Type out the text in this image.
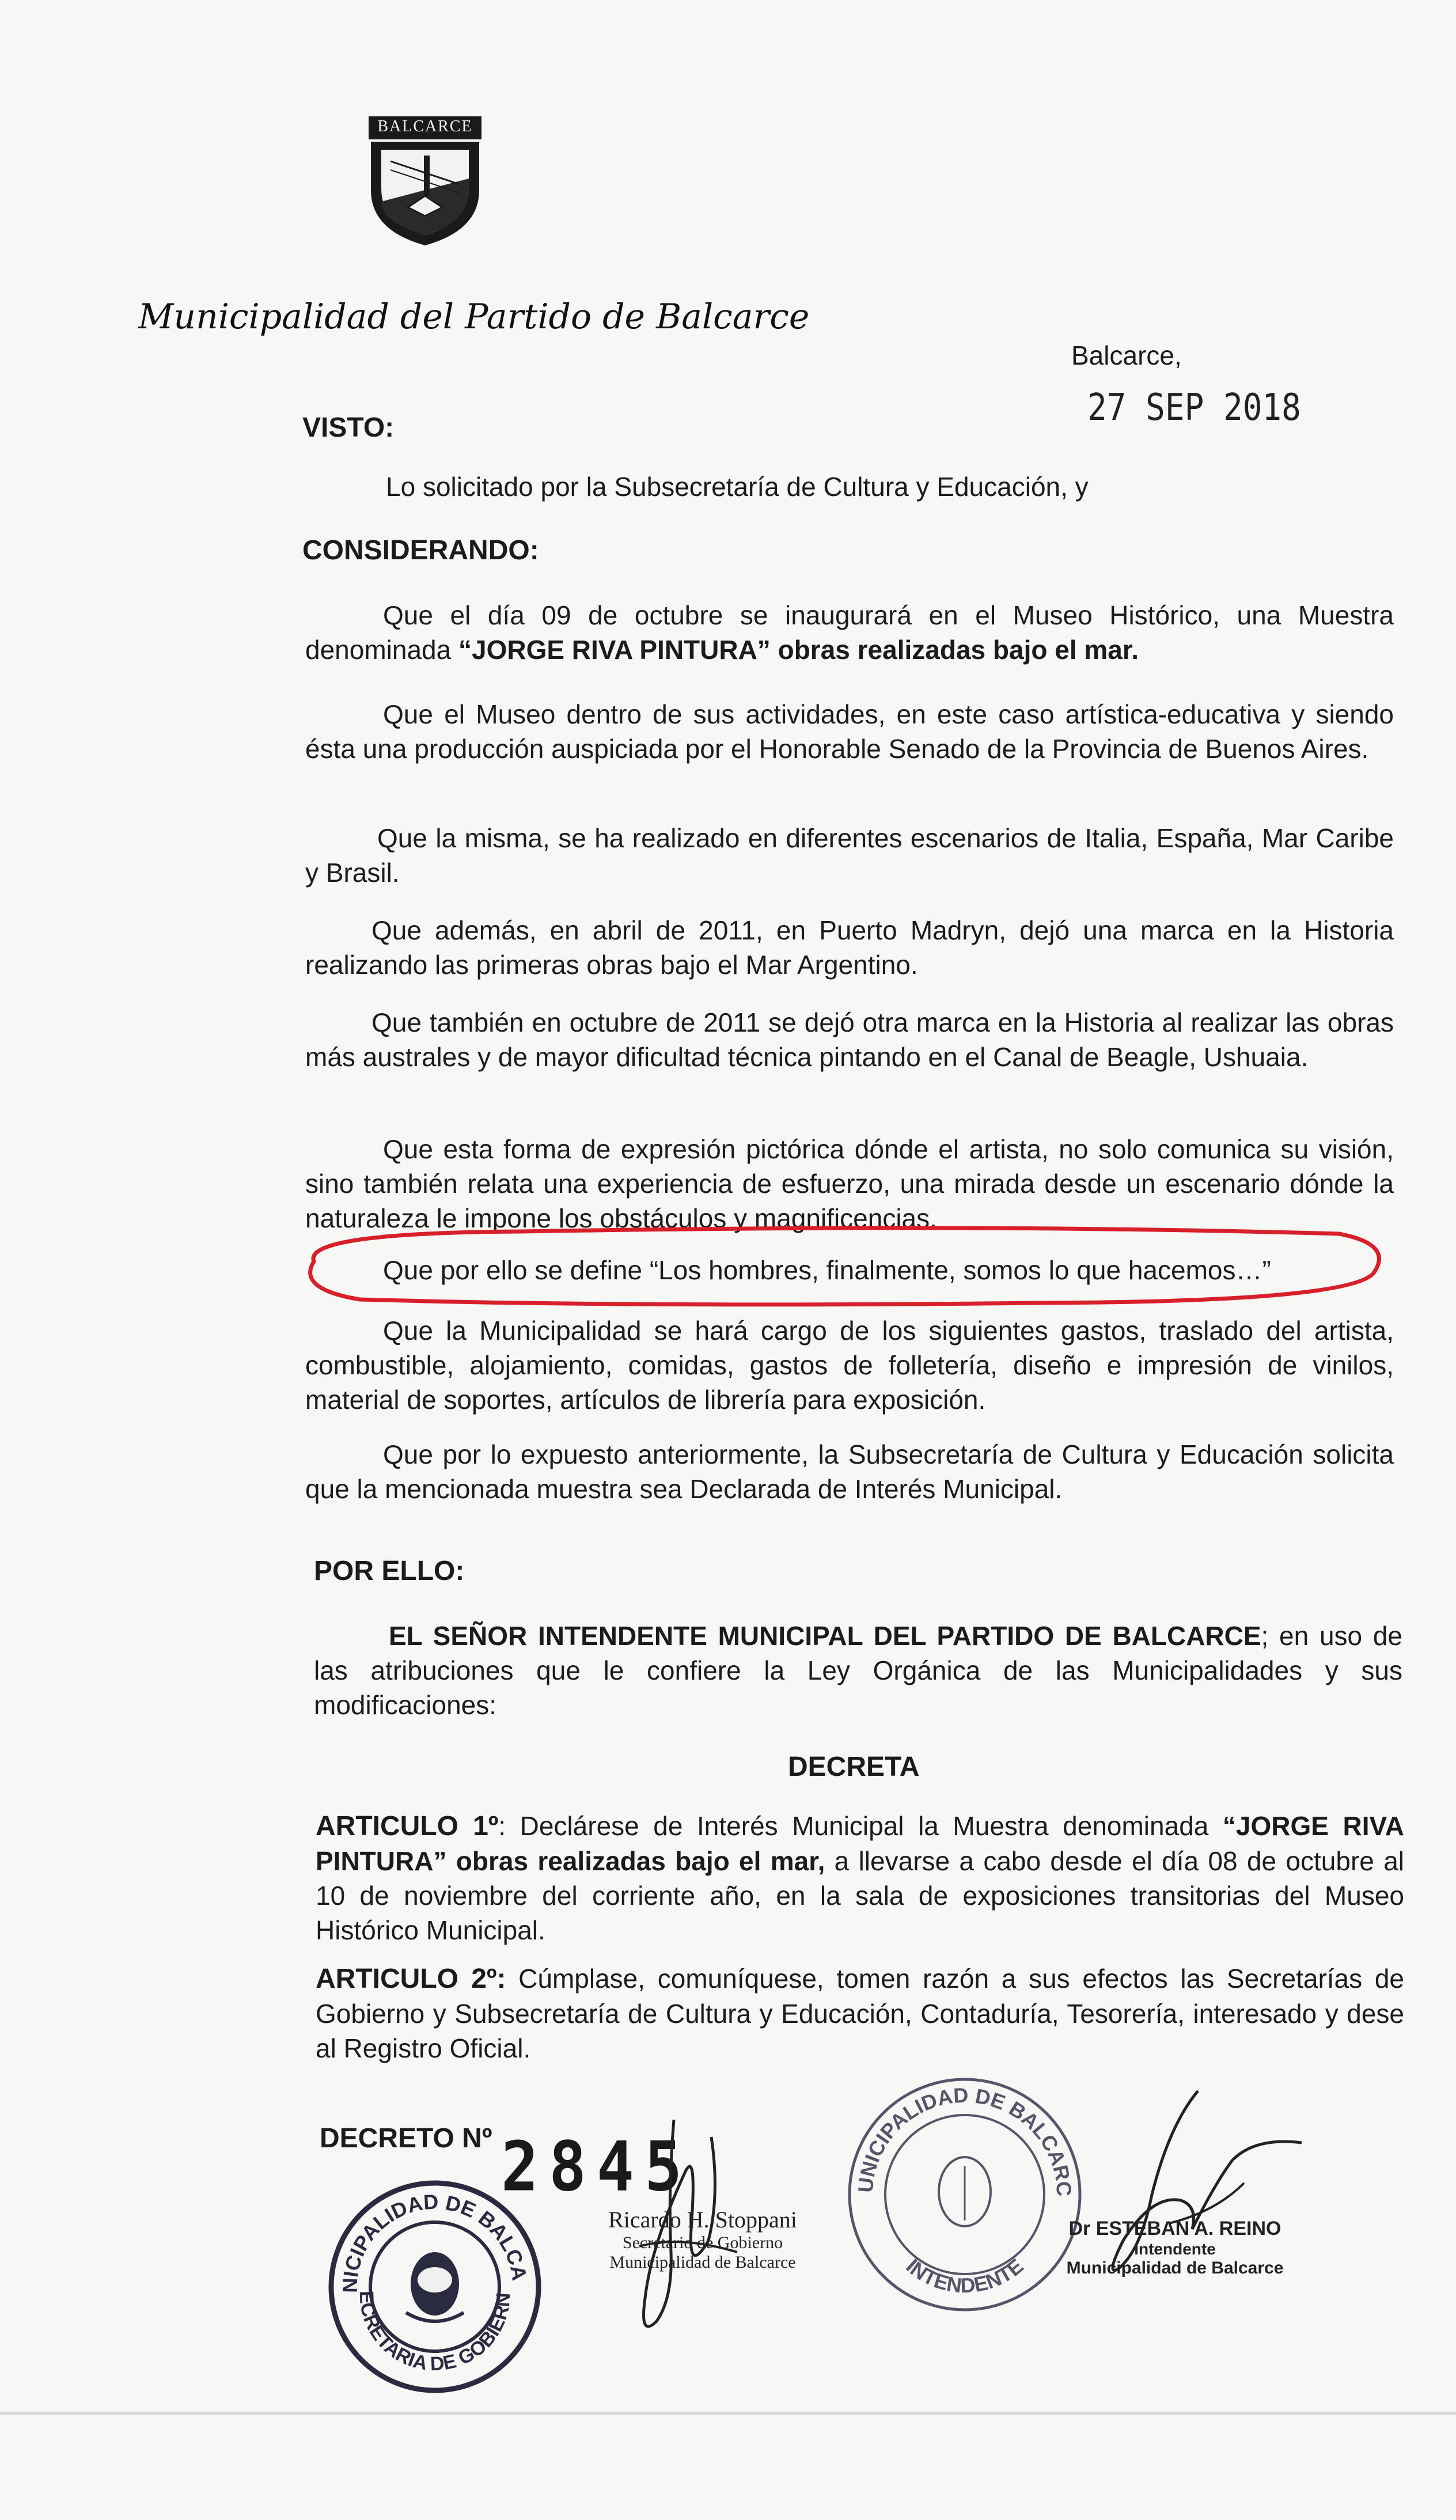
BALCARCE
Municipalidad del Partido de Balcarce
Balcarce,
27 SEP 2018
VISTO:

Lo solicitado por la Subsecretaría de Cultura y Educación, y

CONSIDERANDO:

Que el día 09 de octubre se inaugurará en el Museo Histórico, una Muestra denominada “JORGE RIVA PINTURA” obras realizadas bajo el mar.

Que el Museo dentro de sus actividades, en este caso artística-educativa y siendo ésta una producción auspiciada por el Honorable Senado de la Provincia de Buenos Aires.

Que la misma, se ha realizado en diferentes escenarios de Italia, España, Mar Caribe y Brasil.

Que además, en abril de 2011, en Puerto Madryn, dejó una marca en la Historia realizando las primeras obras bajo el Mar Argentino.

Que también en octubre de 2011 se dejó otra marca en la Historia al realizar las obras más australes y de mayor dificultad técnica pintando en el Canal de Beagle, Ushuaia.

Que esta forma de expresión pictórica dónde el artista, no solo comunica su visión, sino también relata una experiencia de esfuerzo, una mirada desde un escenario dónde la naturaleza le impone los obstáculos y magnificencias.

Que por ello se define “Los hombres, finalmente, somos lo que hacemos…”

Que la Municipalidad se hará cargo de los siguientes gastos, traslado del artista, combustible, alojamiento, comidas, gastos de folletería, diseño e impresión de vinilos, material de soportes, artículos de librería para exposición.

Que por lo expuesto anteriormente, la Subsecretaría de Cultura y Educación solicita que la mencionada muestra sea Declarada de Interés Municipal.

POR ELLO:

EL SEÑOR INTENDENTE MUNICIPAL DEL PARTIDO DE BALCARCE; en uso de las atribuciones que le confiere la Ley Orgánica de las Municipalidades y sus modificaciones:

DECRETA

ARTICULO 1º: Declárese de Interés Municipal la Muestra denominada “JORGE RIVA PINTURA” obras realizadas bajo el mar, a llevarse a cabo desde el día 08 de octubre al 10 de noviembre del corriente año, en la sala de exposiciones transitorias del Museo Histórico Municipal.

ARTICULO 2º: Cúmplase, comuníquese, tomen razón a sus efectos las Secretarías de Gobierno y Subsecretaría de Cultura y Educación, Contaduría, Tesorería, interesado y dese al Registro Oficial.

DECRETO Nº 2845
NICIPALIDAD DE BALCA
ECRETARIA DE GOBIERN
Ricardo H. Stoppani
Secretario de Gobierno
Municipalidad de Balcarce
UNICIPALIDAD DE BALCARC
INTENDENTE
Dr ESTEBAN A. REINO
Intendente
Municipalidad de Balcarce
